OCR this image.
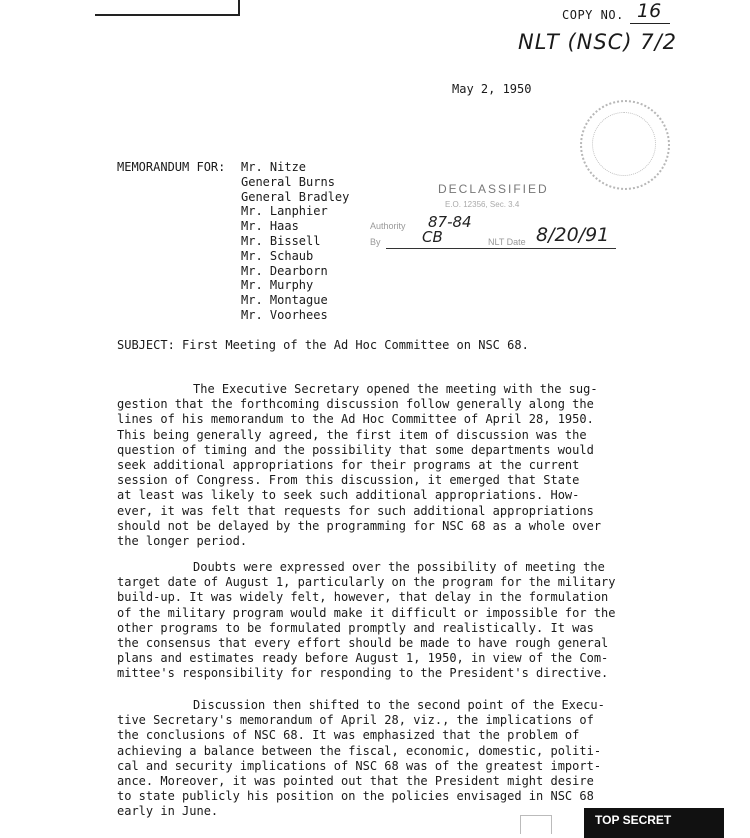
COPY NO. 16
NLT (NSC) 7/2
May 2, 1950
MEMORANDUM FOR: Mr. Nitze
General Burns
General Bradley
Mr. Lanphier
Mr. Haas
Mr. Bissell
Mr. Schaub
Mr. Dearborn
Mr. Murphy
Mr. Montague
Mr. Voorhees
DECLASSIFIED
E.O. 12356, Sec. 3.4
Authority 87-84
By	CB	NLT Date 8/20/91
SUBJECT: First Meeting of the Ad Hoc Committee on NSC 68.
The Executive Secretary opened the meeting with the sug-
gestion that the forthcoming discussion follow generally along the
lines of his memorandum to the Ad Hoc Committee of April 28, 1950.
This being generally agreed, the first item of discussion was the
question of timing and the possibility that some departments would
seek additional appropriations for their programs at the current
session of Congress. From this discussion, it emerged that State
at least was likely to seek such additional appropriations. How-
ever, it was felt that requests for such additional appropriations
should not be delayed by the programming for NSC 68 as a whole over
the longer period.
Doubts were expressed over the possibility of meeting the
target date of August 1, particularly on the program for the military
build-up. It was widely felt, however, that delay in the formulation
of the military program would make it difficult or impossible for the
other programs to be formulated promptly and realistically. It was
the consensus that every effort should be made to have rough general
plans and estimates ready before August 1, 1950, in view of the Com-
mittee's responsibility for responding to the President's directive.
Discussion then shifted to the second point of the Execu-
tive Secretary's memorandum of April 28, viz., the implications of
the conclusions of NSC 68. It was emphasized that the problem of
achieving a balance between the fiscal, economic, domestic, politi-
cal and security implications of NSC 68 was of the greatest import-
ance. Moreover, it was pointed out that the President might desire
to state publicly his position on the policies envisaged in NSC 68
early in June.
TOP SECRET
